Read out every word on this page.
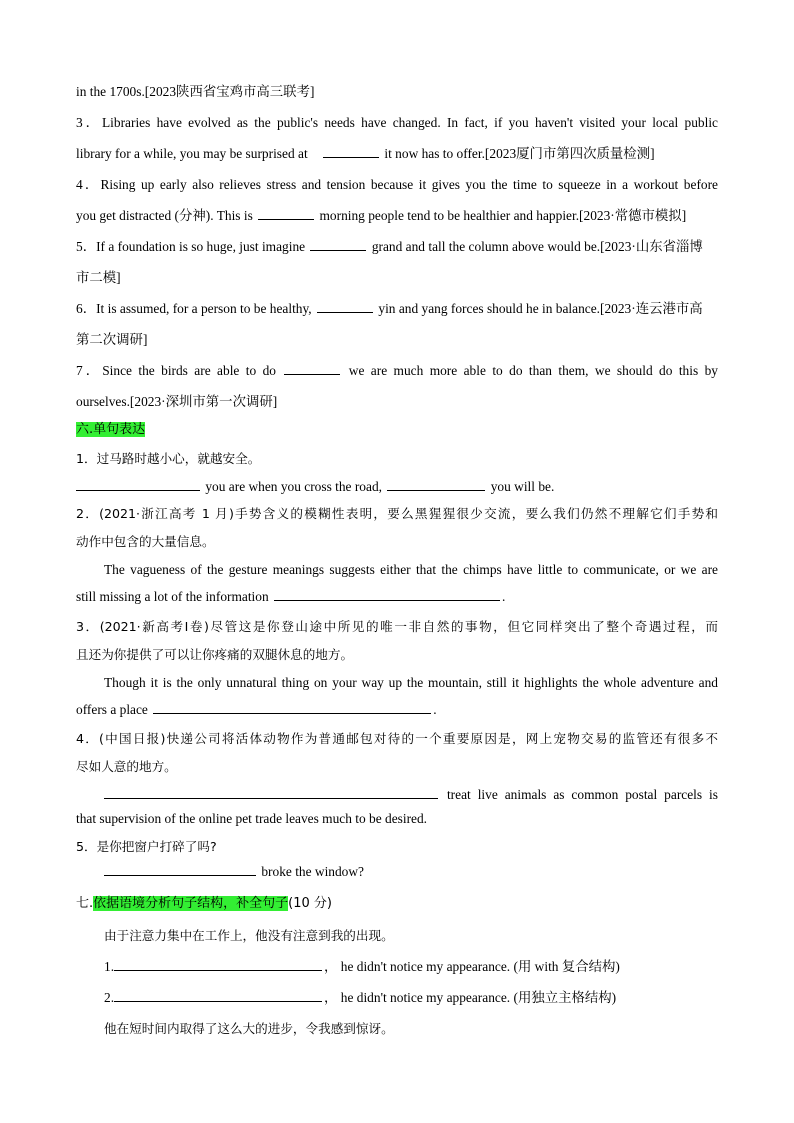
in the 1700s.[2023陕西省宝鸡市高三联考]
3．Libraries have evolved as the public's needs have changed. In fact, if you haven't visited your local public
library for a while, you may be surprised at	it now has to offer.[2023厦门市第四次质量检测]
4．Rising up early also relieves stress and tension because it gives you the time to squeeze in a workout before
you get distracted (分神). This is	morning people tend to be healthier and happier.[2023·常德市模拟]
5．If a foundation is so huge, just imagine	grand and tall the column above would be.[2023·山东省淄博
市二模]
6．It is assumed, for a person to be healthy,	yin and yang forces should he in balance.[2023·连云港市高
第二次调研]
7．Since the birds are able to do	we are much more able to do than them, we should do this by
ourselves.[2023·深圳市第一次调研]
六.单句表达
1．过马路时越小心，就越安全。
you are when you cross the road,	you will be.
2．(2021·浙江高考 1 月)手势含义的模糊性表明，要么黑猩猩很少交流，要么我们仍然不理解它们手势和
动作中包含的大量信息。
The vagueness of the gesture meanings suggests either that the chimps have little to communicate, or we are
still missing a lot of the information	.
3．(2021·新高考Ⅰ卷)尽管这是你登山途中所见的唯一非自然的事物，但它同样突出了整个奇遇过程，而
且还为你提供了可以让你疼痛的双腿休息的地方。
Though it is the only unnatural thing on your way up the mountain, still it highlights the whole adventure and
offers a place	.
4．(中国日报)快递公司将活体动物作为普通邮包对待的一个重要原因是，网上宠物交易的监管还有很多不
尽如人意的地方。
treat live animals as common postal parcels is
that supervision of the online pet trade leaves much to be desired.
5．是你把窗户打碎了吗?
broke the window?
七.依据语境分析句子结构，补全句子(10 分)
由于注意力集中在工作上，他没有注意到我的出现。
1.	， he didn't notice my appearance. (用 with 复合结构)
2.	， he didn't notice my appearance. (用独立主格结构)
他在短时间内取得了这么大的进步，令我感到惊讶。
